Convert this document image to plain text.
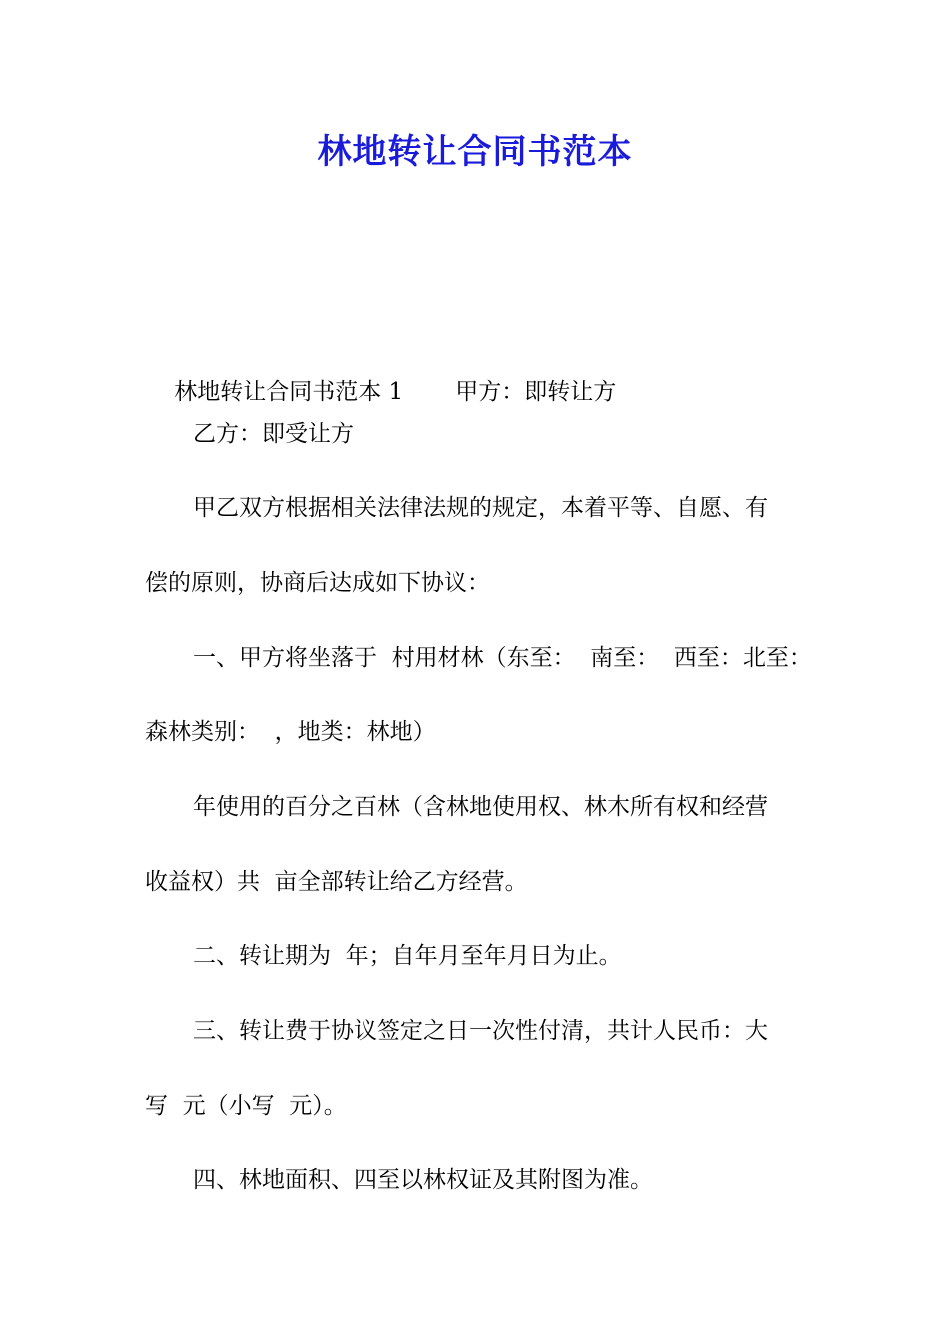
林地转让合同书范本

林地转让合同书范本 1 甲方：即转让方

乙方：即受让方
甲乙双方根据相关法律法规的规定，本着平等、自愿、有
偿的原则，协商后达成如下协议：
一、甲方将坐落于  村用材林（东至：  南至：  西至：北至：
森林类别：  ，地类：林地）
年使用的百分之百林（含林地使用权、林木所有权和经营
收益权）共  亩全部转让给乙方经营。
二、转让期为  年；自年月至年月日为止。
三、转让费于协议签定之日一次性付清，共计人民币：大
写  元（小写  元）。
四、林地面积、四至以林权证及其附图为准。
